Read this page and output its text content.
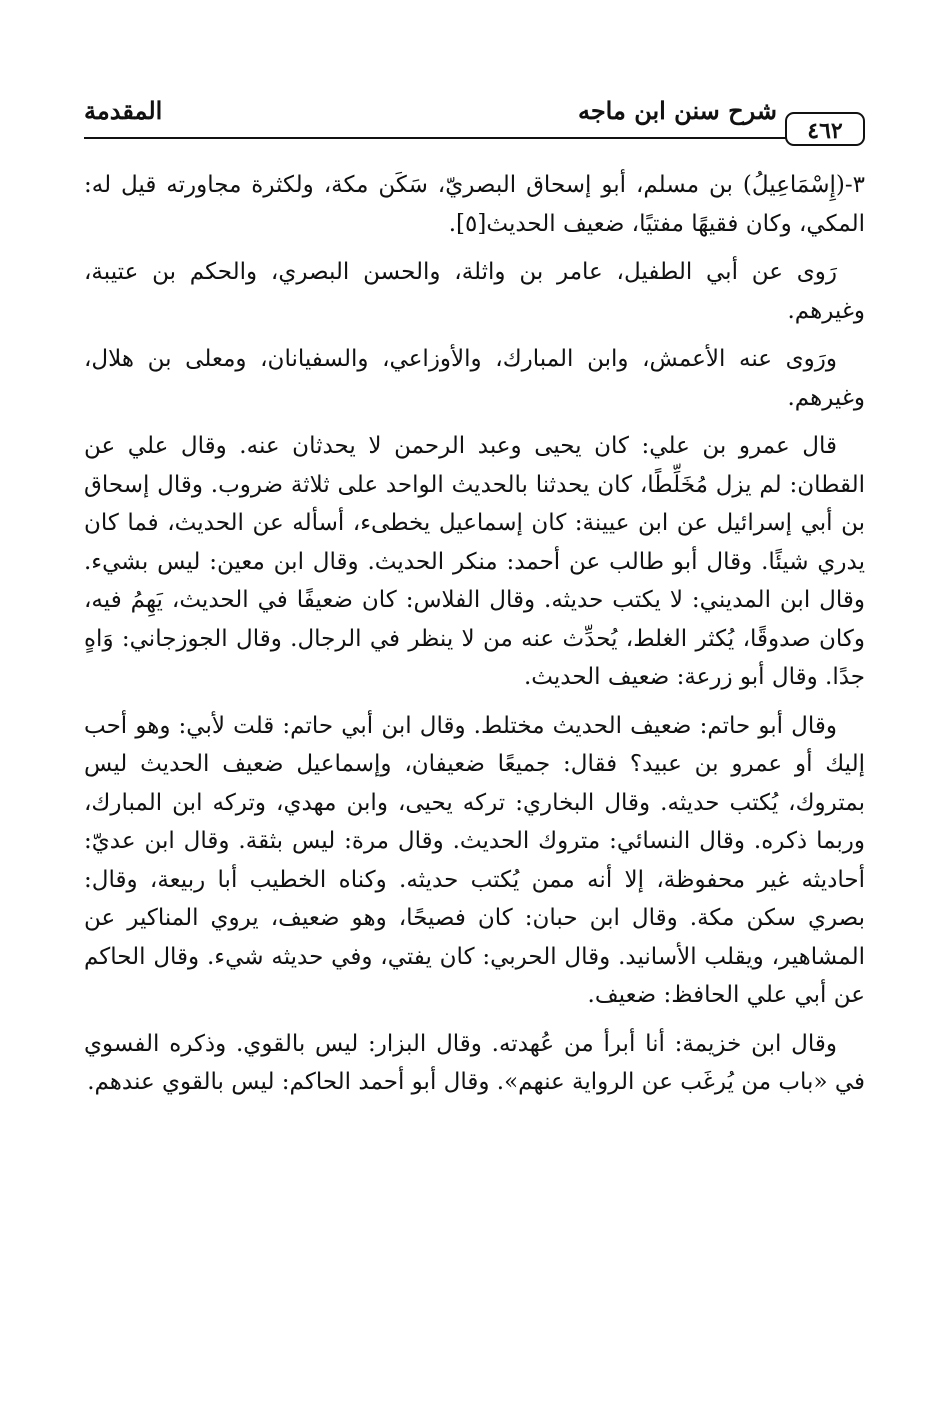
شرح سنن ابن ماجه
المقدمة
٤٦٢

٣-(إِسْمَاعِيلُ) بن مسلم، أبو إسحاق البصريّ، سَكَن مكة، ولكثرة مجاورته قيل له: المكي، وكان فقيهًا مفتيًا، ضعيف الحديث[٥].

رَوى عن أبي الطفيل، عامر بن واثلة، والحسن البصري، والحكم بن عتيبة، وغيرهم.

ورَوى عنه الأعمش، وابن المبارك، والأوزاعي، والسفيانان، ومعلى بن هلال، وغيرهم.

قال عمرو بن علي: كان يحيى وعبد الرحمن لا يحدثان عنه. وقال علي عن القطان: لم يزل مُخَلِّطًا، كان يحدثنا بالحديث الواحد على ثلاثة ضروب. وقال إسحاق بن أبي إسرائيل عن ابن عيينة: كان إسماعيل يخطىء، أسأله عن الحديث، فما كان يدري شيئًا. وقال أبو طالب عن أحمد: منكر الحديث. وقال ابن معين: ليس بشيء. وقال ابن المديني: لا يكتب حديثه. وقال الفلاس: كان ضعيفًا في الحديث، يَهِمُ فيه، وكان صدوقًا، يُكثر الغلط، يُحدِّث عنه من لا ينظر في الرجال. وقال الجوزجاني: وَاهٍ جدًا. وقال أبو زرعة: ضعيف الحديث.

وقال أبو حاتم: ضعيف الحديث مختلط. وقال ابن أبي حاتم: قلت لأبي: وهو أحب إليك أو عمرو بن عبيد؟ فقال: جميعًا ضعيفان، وإسماعيل ضعيف الحديث ليس بمتروك، يُكتب حديثه. وقال البخاري: تركه يحيى، وابن مهدي، وتركه ابن المبارك، وربما ذكره. وقال النسائي: متروك الحديث. وقال مرة: ليس بثقة. وقال ابن عديّ: أحاديثه غير محفوظة، إلا أنه ممن يُكتب حديثه. وكناه الخطيب أبا ربيعة، وقال: بصري سكن مكة. وقال ابن حبان: كان فصيحًا، وهو ضعيف، يروي المناكير عن المشاهير، ويقلب الأسانيد. وقال الحربي: كان يفتي، وفي حديثه شيء. وقال الحاكم عن أبي علي الحافظ: ضعيف.

وقال ابن خزيمة: أنا أبرأ من عُهدته. وقال البزار: ليس بالقوي. وذكره الفسوي في «باب من يُرغَب عن الرواية عنهم». وقال أبو أحمد الحاكم: ليس بالقوي عندهم.
